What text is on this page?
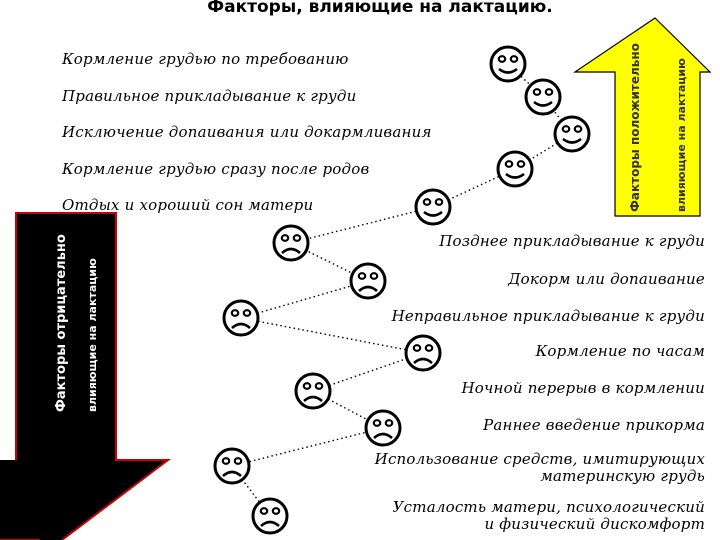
Факторы, влияющие на лактацию.
Факторы положительно	влияющие на лактацию
Факторы отрицательно влияющие на лактацию
Кормление грудью по требованию
Правильное прикладывание к груди
Исключение допаивания или докармливания
Кормление грудью сразу после родов
Отдых и хороший сон матери
Позднее прикладывание к груди
Докорм или допаивание
Неправильное прикладывание к груди
Кормление по часам
Ночной перерыв в кормлении
Раннее введение прикорма
Использование средств, имитирующих
материнскую грудь
Усталость матери, психологический
и физический дискомфорт
